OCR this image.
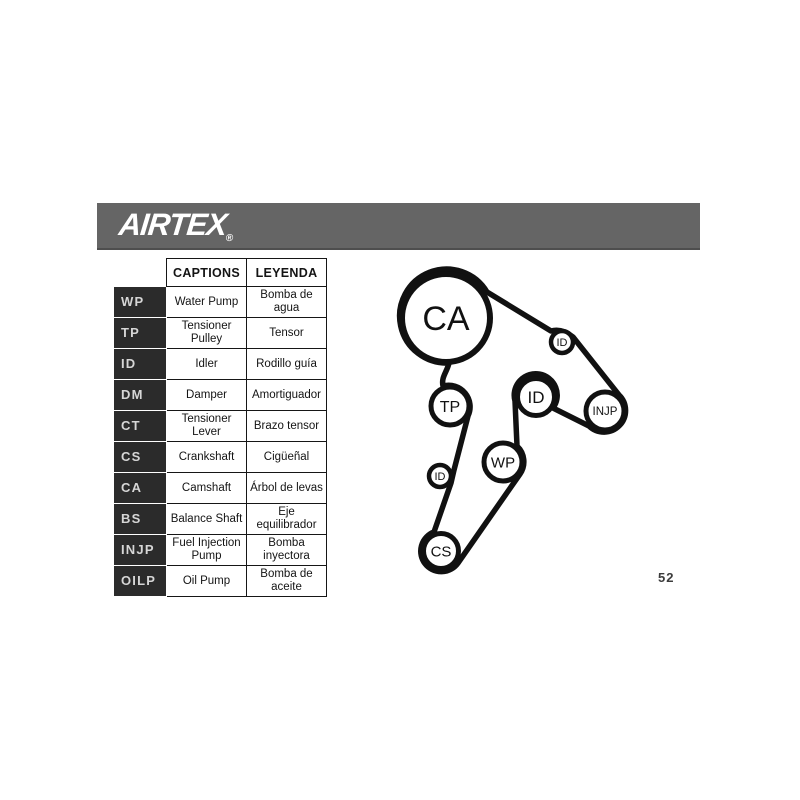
AIRTEX®
	CAPTIONS	LEYENDA
WP	Water Pump	Bomba de agua
TP	Tensioner Pulley	Tensor
ID	Idler	Rodillo guía
DM	Damper	Amortiguador
CT	Tensioner Lever	Brazo tensor
CS	Crankshaft	Cigüeñal
CA	Camshaft	Árbol de levas
BS	Balance Shaft	Eje equilibrador
INJP	Fuel Injection Pump	Bomba inyectora
OILP	Oil Pump	Bomba de aceite
CA
TP
ID
ID
INJP
WP
ID
CS
52
